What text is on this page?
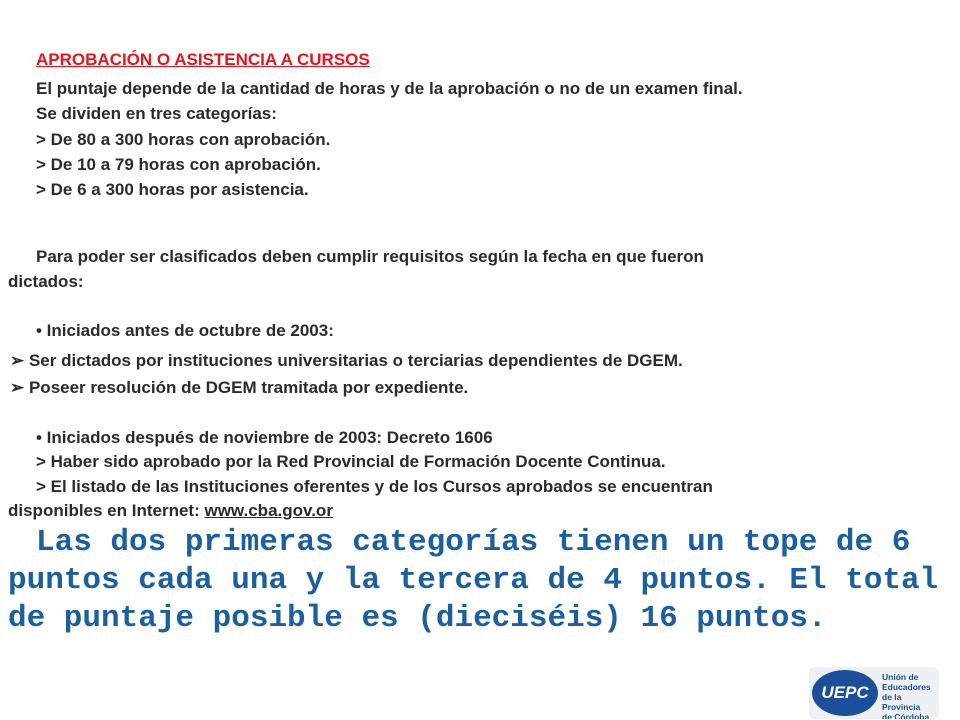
APROBACIÓN O ASISTENCIA A CURSOS
El puntaje depende de la cantidad de horas y de la aprobación o no de un examen final.
Se dividen en tres categorías:
> De 80 a 300 horas con aprobación.
> De 10 a 79 horas con aprobación.
> De 6 a 300 horas por asistencia.
Para poder ser clasificados deben cumplir requisitos según la fecha en que fueron
dictados:
• Iniciados antes de octubre de 2003:
➢ Ser dictados por instituciones universitarias o terciarias dependientes de DGEM.
➢ Poseer resolución de DGEM tramitada por expediente.
• Iniciados después de noviembre de 2003: Decreto 1606
> Haber sido aprobado por la Red Provincial de Formación Docente Continua.
> El listado de las Instituciones oferentes y de los Cursos aprobados se encuentran
disponibles en Internet: www.cba.gov.or
Las dos primeras categorías tienen un tope de 6 puntos cada una y la tercera de 4 puntos. El total de puntaje posible es (dieciséis) 16 puntos.
UEPC
Unión de
Educadores
de la Provincia
de Córdoba
